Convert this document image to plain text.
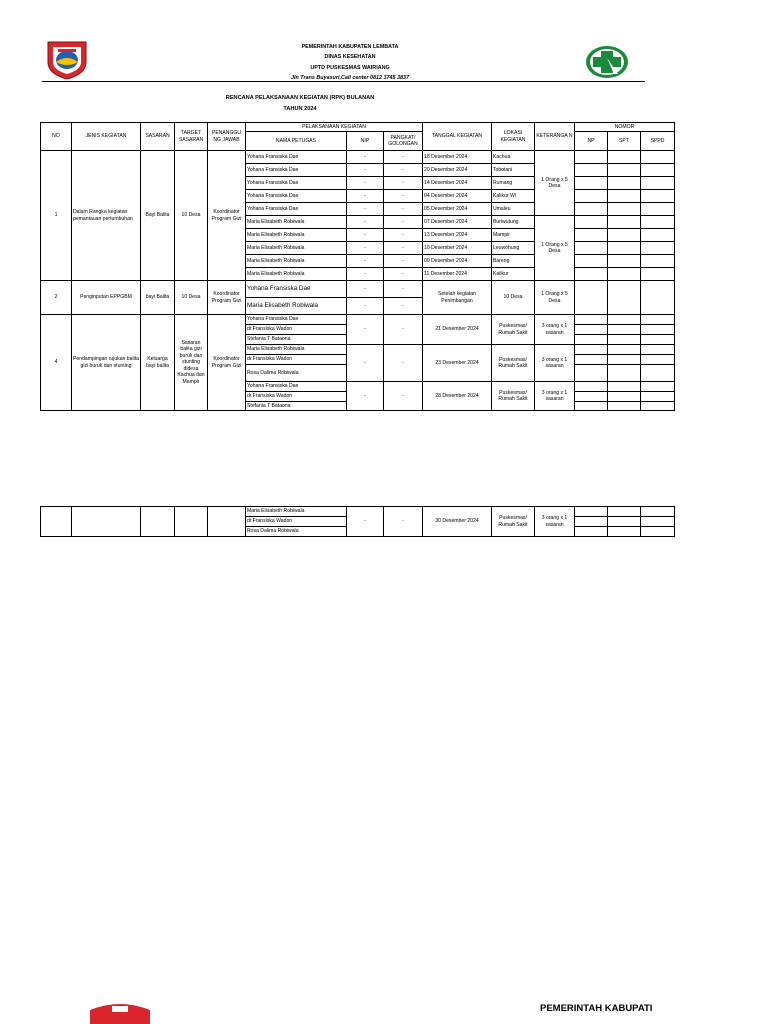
PEMERINTAH KABUPATEN LEMBATA
DINAS KESEHATAN
UPTD PUSKESMAS WAIRIANG
Jln Trans Buyasuri,Call center 0812 3745 3837
RENCANA PELAKSANAAN KEGIATAN (RPK) BULANAN
TAHUN 2024
NO	JENIS KEGIATAN	SASARAN	TARGET SASARAN	PENANGGU NG JAWAB	PELAKSANAAN KEGIATAN			TANGGAL KEGIATAN	LOKASI KEGIATAN	KETERANGA N	NOMOR		
					NAMA PETUGAS	NIP	PANGKAT/ GOLONGAN				NP	SPT	SPPD
1	Dalam Rangka kegiatan pemantauan pertumbuhan	Bayi Balita	10 Desa	Koordinator Program Gizi	Yohana Fransiska Dae	-	-	18 Desember 2024	Kachua	1 Orang x 5 Desa			
					Yohana Fransiska Dae	-	-	20 Desember 2024	Tobotani				
					Yohana Fransiska Dae	-	-	14 Desember 2024	Rumang				
					Yohana Fransiska Dae	-	-	04 Desember 2024	Kalikur WI				
					Yohana Fransiska Dae	-	-	05 Desember 2024	Umaleu				
					Maria Elisabeth Robiwala	-	-	07 Desember 2024	Buriwutung	1 Orang x 5 Desa			
					Maria Elisabeth Robiwala	-	-	13 Desember 2024	Mampir				
					Maria Elisabeth Robiwala	-	-	10 Desember 2024	Leuwohung				
					Maria Elisabeth Robiwala	-	-	09 Desember 2024	Bareng				
					Maria Elisabeth Robiwala	-	-	11 Desember 2024	Kalikur				
2	Penginputan EPPGBM	bayi Balita	10 Desa	Koordinator Program Gizi	Yohana Fransiska Dae	-	-	Setelah kegiatan Penimbangan	10 Desa	1 Orang x 5 Desa			
					Maria Elisabeth Robiwala	-	-						
4	Pendampingan rujukan balita gizi buruk dan stunting	Keluarga bayi balita	Sasaran balita gizi buruk dan stunting didesa Kachua dan Mampir	Koordinator Program Gizi	Yohana Fransiska Dae	-	-	21 Desember 2024	Puskesmas/ Rumah Sakit	3 orang x 1 sasaran			
					dr.Fransiska Wadon								
					Stefania T Bataona								
					Maria Elisabeth Robiwala	-	-	23 Desember 2024	Puskesmas/ Rumah Sakit	3 orang x 1 sasaran			
					dr.Fransiska Wadon								
					Rosa Dalima Robiwala								
					Yohana Fransiska Dae	-	-	28 Desember 2024	Puskesmas/ Rumah Sakit	3 orang x 1 sasaran			
					dr.Fransiska Wadon								
					Stefania T Bataona								
					Maria Elisabeth Robiwala	-	-	30 Desember 2024	Puskesmas/ Rumah Sakit	3 orang x 1 sasaran			
					dr.Fransiska Wadon								
					Rosa Dalima Robiwala								
PEMERINTAH KABUPATI
